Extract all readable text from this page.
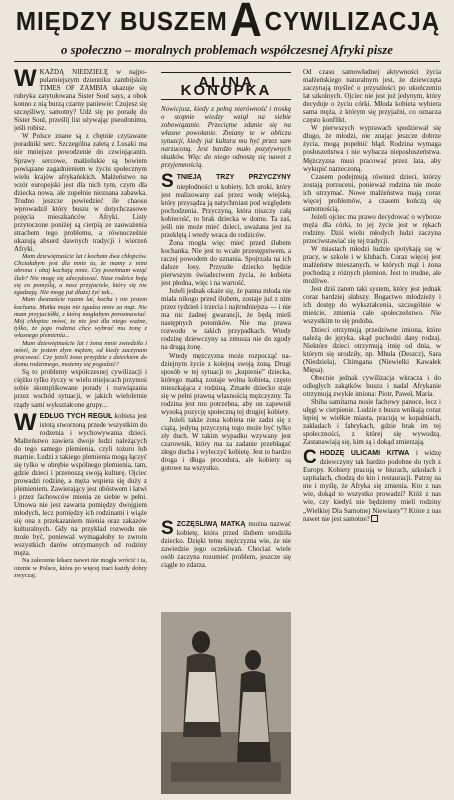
MIĘDZY BUSZEMACYWILIZACJĄ
o społeczno – moralnych problemach współczesnej Afryki pisze

WKAŻDĄ NIEDZIELĘ w najpopularniejszym dzienniku zambijskim TIMES OF ZAMBIA ukazuje się rubryka zatytułowana Sister Soul says, a obok konno z nią burzą czarny paniewie: Czujesz się szczęśliwy, samotny? Udź się po poradę do Sister Soul, prześlij list używając pseudonimu, jeśli robisz.

W Polsce znane są z chętnie czytawane poradniki serc. Szczególna zaletą z Lusaki ma nie mniejsze powodzenie do czwiującanin. Sprawy sercowe, małżeńskie są bowiem powiązane zagadnieniem w życiu społecznym wielu krajów afrykańskich. Małżeństwo na wzór europejski jest dla nich tym, czym dla dziecka nowa, ale zupełnie nieznana zabawka. Trudno jeszcze powiedzieć ile chaosu wprowadził który buszu w dotychczasowe pojęcia mieszkańców Afryki. Listy przytoczone poniżej są cierpią ze zauważenia strachem tego problemu, a równocześnie ukazują absurd dawnych tradycji i wierzeń Afryki.

Mam dziewiętnaście lat i kocham dwa chłopców. Chciałabym jest dla mnie ta, że mamy z nimi obrona i obaj kochają mnie. Czy powinnam wziąć ślub? Nie mogę się zdecydować. Nasz rodzice boją się co pomyślą, a nasz przyjaciele, który się nie zgadzają. Nie mogę już dłużej żyć tak...

Mam dwanaście razem lat, kocha i nie jestem kochana. Matka moja nie zgadza mnie za mąż. Nie mam przyjaciółki, z którą mogłabym porozmawiać. Mój chłopiec mówi, że nie jest dla niego ważne, tylko, że jego rodzina chce wybrać mu żonę z własnego plemienia...

Mam dziewiętnaście lat i żona mnie zwiedziła i mówi, że jestem złym mężem, od kiedy zaczynam pracować. Czy jeżeli żona przyjdzie z dzieckiem do domu rodzinnego, możemy się pogodzić?

Są to problemy współczesnej cywilizacji i ciężko tylko życzy w wielu miejscach przynosi sobie skomplikowane porady i rozwiązania przez wschód sytuacji, w jakich wieloletnie rządy sami wykształcone grupy...

WEDŁUG TYCH REGUŁ kobieta jest istotą stworzoną przede wszystkim do rodzenia i wychowywania dzieci. Małżeństwo zawiera dwoje ludzi należących do tego samego plemienia, czyli tożoru lub marnie. Ludzi z takiego plemienia mogą łączyć się tylko w obrębie wspólnego plemienia, tam, gdzie dzieci i przenoszą swoją kulturę. Ojciec prowadzi rodzinę, a męża wspiera się duży z plemieniem. Zawierający jest ubóstwem i łatwi i przez fachowców mienia ze siebie w pełni. Umowa nie jest zawarta pomiędzy dwojgiem młodych, lecz pomiędzy ich rodzinami i wiąże się ona z przekazaniem mienia oraz zakazów kulturalnych. Gdy na przykład rozwodu nie może być, ponieważ wymagałoby to zwrotu wszystkich darów otrzymanych od rodziny męża.

Na zalecenie lekarz nawet nie mogła wrócić i ta, ożenie w Polsce, która po więcej traci każdy dobry zwyczaj.

ALINA KONOPKA

Nowicjusz, kiedy z pełną nierówność i troską o stopnie wiedzy wziął na siebie zobowiązanie. Przeciętne zdanie się na własne powołanie. Zmiany te w obliczu sytuacji, kiedy już kultura mu być przez sam narzuconą. Jest bardzo mało pozytywnych skutków. Więc do niego odnoszę się nawet z przyjemnością.

STNIEJĄ TRZY PRZYCZYNY niepłodności u kobiety. Ich uroki, który jest realizowany zaś przez wodę wiejską, który przysądza ją natychmiast pod względem pochodzenia. Przyczyną, która niszczy całą kobiecość, to brak dziecka w domu. Ta zaś, jeśli nie może mieć dzieci, uważana jest za przeklętą i wtedy wraca do rodziców.

Żona mogła więc mieć przed ślubem kochanka. Nie jest to wcale przestępstwem, a raczej powodem do uznania. Spojrzała na ich dalsze losy. Przyszłe dziecko będzie pierwszym świadectwem życia, że kobieta jest płodna, więc i na wartość.

Jeżeli jednak okaże się, że panna młoda nie miała nikogo przed ślubem, zostaje już z nim przez tydzień i trzecia i najtrudniejsza — i nie ma nic żadnej gwarancji, że będą mieli następnych potomków. Nie ma prawa rozwodu w takich przypadkach. Wtedy rodzinę dziewczyny sa zmusza nie do zgody na drugą żonę.

Wtedy mężczyzna może rozpocząć nadziejnym życie z kolejną swoją żoną. Drugi sposób w tej sytuacji to „kupienie” dziecka, którego matką zostaje wolna kobieta, często mieszkająca z rodziną. Zmarłe dziecko staje się w pełni prawną własnością mężczyzny. Ta rodzina jest mu potrzebna, aby on zapewnił wysoką pozycję społeczną tej drugiej kobiety.

Jeżeli także żona kobieta nie zadzi się z ciążą, jedyną przyczyną tego może być tylko zły duch. W takim wypadku wzywany jest czarownik, który ma za zadanie przebłagać złego ducha i wyleczyć kobietę. Jest to bardzo droga i długa procedura, ale kobiety są gotowe na wszystko.

SZCZĘŚLIWĄ MATKĄ można nazwać kobietę, która przed ślubem urodziła dziecko. Dzięki temu mężczyzna wie, że nie zawiedzie jego oczekiwań. Chociaż wiele osób zaczyna rozumieć problem, jeszcze się ciągle to zdarza.

Od czasu samowładnej aktywności życia małżeńskiego naturalnym jest, że dziewczęta zaczynają myśleć o przyszłości po ukończeniu lat szkolnych. Ojciec nie jest już jedynym, który decyduje o życiu córki. Młoda kobieta wybiera sama męża, z którym się przyjaźni, co oznacza często konflikt.

W pierwszych wyprawach spodziewał się długo, że młodzi, nie znając jeszcze dobrze życia, mogą popełnić błąd. Rodzina wymaga posłuszeństwa i nie wybacza nieposłuszeństwa. Mężczyzna musi pracować przez lata, aby wykupić narzeczoną.

Czasem podejmują również dzieci, którzy zostają porzuceni, ponieważ rodzina nie może ich utrzymać. Nowe małżeństwa mają coraz więcej problemów, a czasem kończą się samotnością.

Jeżeli ojciec ma prawo decydować o wyborze męża dla córki, to jej życie jest w rękach rodziny. Dziś wielu młodych ludzi zaczyna przeciwstawiać się tej tradycji.

W miastach młodzi ludzie spotykają się w pracy, w szkole i w klubach. Coraz więcej jest małżeństw mieszanych, w których mąż i żona pochodzą z różnych plemion. Jest to trudne, ale możliwe.

Jest dziś zatem taki system, który jest jednak coraz bardziej słabszy. Bogactwo młodzieży i ich dostęp do wykształcenia, szczególnie w mieście, zmienia całe społeczeństwo. Nie wszystkim to się podoba.

Dzieci otrzymują przedziwne imiona, które należą do języka, skąd pochodzi dany rodzaj. Niektóre dzieci otrzymują imię od dnia, w którym się urodziły, np. Mhula (Deszcz), Sara (Niedziela), Chimgana (Niewielki Kawałek Mięsa).

Obecnie jednak cywilizacja wkracza i do odległych zakątków buszu i nadal Afrykanie otrzymują zwykłe imiona: Piotr, Paweł, Maria.

Shiba samitarna nosie fachowy panoce, lecz i ułęgi w cierpienie. Ludzie z buszu wnikają coraz lepiej w wielkie miasta, pracują w kopalniach, zakładach i fabrykach, gdzie brak im tej społeczności, z której się wywodzą. Zastanawiają się, kim są i dokąd zmierzają.

CHODZĘ ULICAMI KITWA i widzę dziewczyny tak bardzo podobne do tych z Europy. Kobiety pracują w biurach, szkołach i szpitalach, chodzą do kin i restauracji. Patrzę na nie i myślę, że Afryka się zmienia. Kto z nas wie, dokąd to wszystko prowadzi? Któż z nas wie, czy kiedyś nie będziemy mieli rodziny „Wielkiej Dla Samotnej Niewiasty”? Które z nas nawet nie jest samotne?
